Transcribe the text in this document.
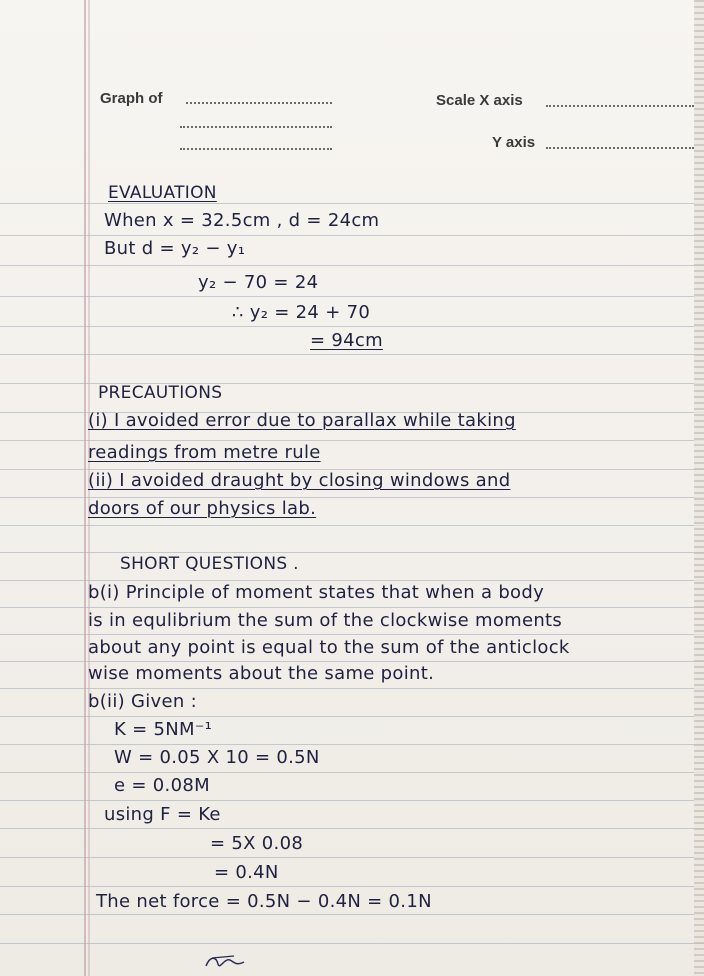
Graph of	Scale X axis
Y axis
EVALUATION
When x = 32.5cm , d = 24cm
But d = y₂ − y₁
y₂ − 70 = 24
∴ y₂ = 24 + 70
= 94cm
PRECAUTIONS
(i) I avoided error due to parallax while taking
readings from metre rule
(ii) I avoided draught by closing windows and
doors of our physics lab.
SHORT QUESTIONS .
b(i) Principle of moment states that when a body
is in equlibrium the sum of the clockwise moments
about any point is equal to the sum of the anticlock
wise moments about the same point.
b(ii) Given :
K = 5NM⁻¹
W = 0.05 X 10 = 0.5N
e = 0.08M
using F = Ke
= 5X 0.08
= 0.4N
The net force = 0.5N − 0.4N = 0.1N
